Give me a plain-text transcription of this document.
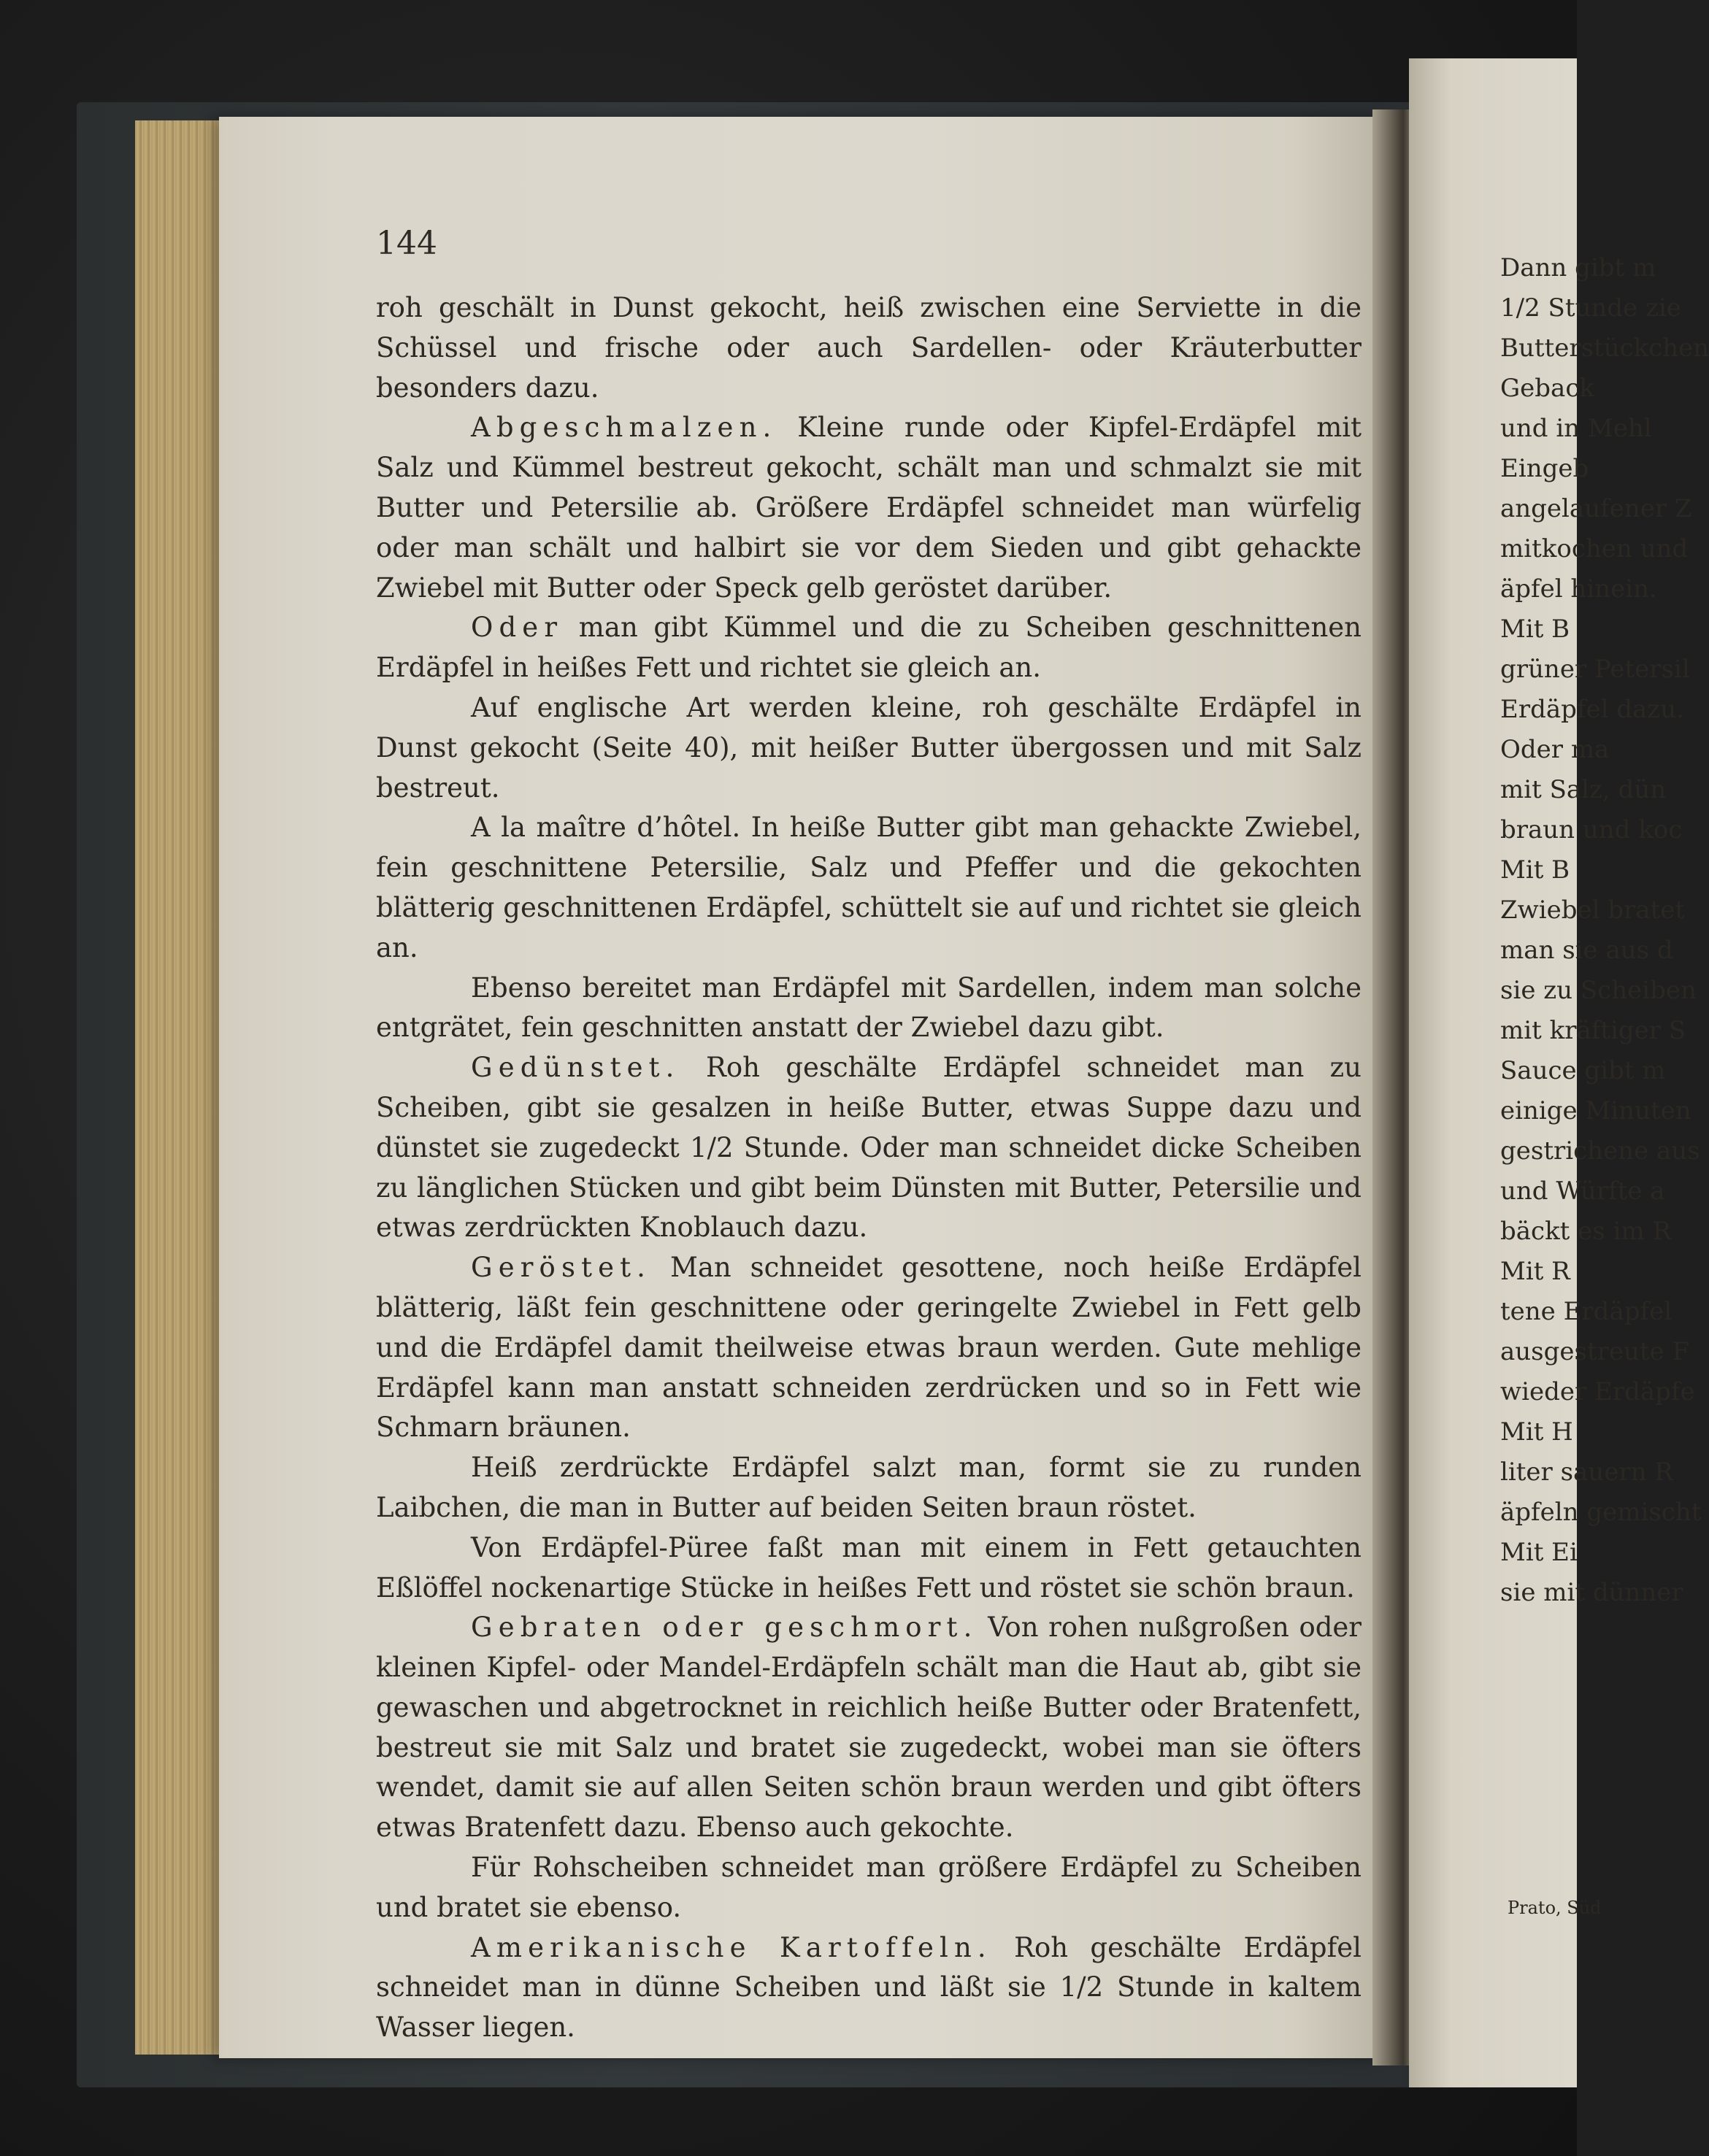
144

roh geschält in Dunst gekocht, heiß zwischen eine Serviette in die Schüssel und frische oder auch Sardellen- oder Kräuterbutter besonders dazu.

Abgeschmalzen. Kleine runde oder Kipfel-Erdäpfel mit Salz und Kümmel bestreut gekocht, schält man und schmalzt sie mit Butter und Petersilie ab. Größere Erdäpfel schneidet man würfelig oder man schält und halbirt sie vor dem Sieden und gibt gehackte Zwiebel mit Butter oder Speck gelb geröstet darüber.

Oder man gibt Kümmel und die zu Scheiben geschnittenen Erdäpfel in heißes Fett und richtet sie gleich an.

Auf englische Art werden kleine, roh geschälte Erdäpfel in Dunst gekocht (Seite 40), mit heißer Butter übergossen und mit Salz bestreut.

A la maître d’hôtel. In heiße Butter gibt man gehackte Zwiebel, fein geschnittene Petersilie, Salz und Pfeffer und die gekochten blätterig geschnittenen Erdäpfel, schüttelt sie auf und richtet sie gleich an.

Ebenso bereitet man Erdäpfel mit Sardellen, indem man solche entgrätet, fein geschnitten anstatt der Zwiebel dazu gibt.

Gedünstet. Roh geschälte Erdäpfel schneidet man zu Scheiben, gibt sie gesalzen in heiße Butter, etwas Suppe dazu und dünstet sie zugedeckt 1/2 Stunde. Oder man schneidet dicke Scheiben zu länglichen Stücken und gibt beim Dünsten mit Butter, Petersilie und etwas zerdrückten Knoblauch dazu.

Geröstet. Man schneidet gesottene, noch heiße Erdäpfel blätterig, läßt fein geschnittene oder geringelte Zwiebel in Fett gelb und die Erdäpfel damit theilweise etwas braun werden. Gute mehlige Erdäpfel kann man anstatt schneiden zerdrücken und so in Fett wie Schmarn bräunen.

Heiß zerdrückte Erdäpfel salzt man, formt sie zu runden Laibchen, die man in Butter auf beiden Seiten braun röstet.

Von Erdäpfel-Püree faßt man mit einem in Fett getauchten Eßlöffel nockenartige Stücke in heißes Fett und röstet sie schön braun.

Gebraten oder geschmort. Von rohen nußgroßen oder kleinen Kipfel- oder Mandel-Erdäpfeln schält man die Haut ab, gibt sie gewaschen und abgetrocknet in reichlich heiße Butter oder Bratenfett, bestreut sie mit Salz und bratet sie zugedeckt, wobei man sie öfters wendet, damit sie auf allen Seiten schön braun werden und gibt öfters etwas Bratenfett dazu. Ebenso auch gekochte.

Für Rohscheiben schneidet man größere Erdäpfel zu Scheiben und bratet sie ebenso.

Amerikanische Kartoffeln. Roh geschälte Erdäpfel schneidet man in dünne Scheiben und läßt sie 1/2 Stunde in kaltem Wasser liegen.

Dann gibt m
1/2 Stunde zie
Butterstückchen
Geback
und in Mehl
Eingeb
angelaufener Z
mitkochen und
äpfel hinein.
Mit B
grüner Petersil
Erdäpfel dazu.
Oder ma
mit Salz, dün
braun und koc
Mit B
Zwiebel bratet
man sie aus d
sie zu Scheiben
mit kräftiger S
Sauce gibt m
einige Minuten
gestrichene aus
und Würfte a
bäckt es im R
Mit R
tene Erdäpfel
ausgestreute F
wieder Erdäpfe
Mit H
liter sauern R
äpfeln gemischt
Mit Ei
sie mit dünner
Prato, Süd
